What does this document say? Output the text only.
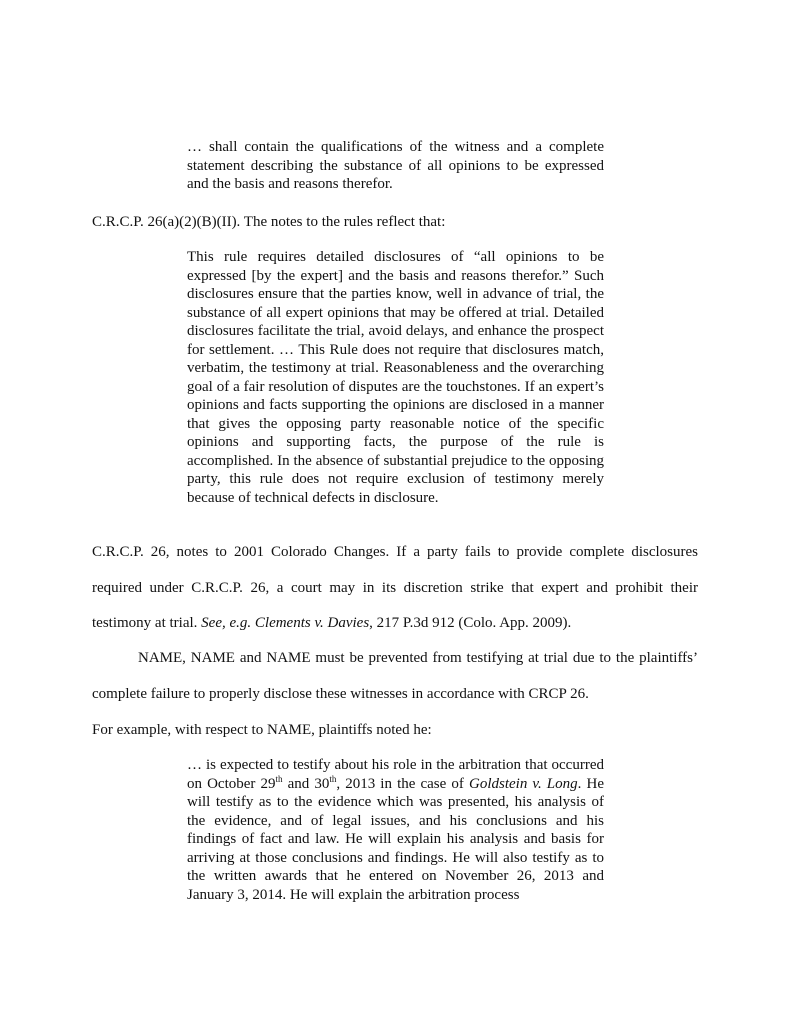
… shall contain the qualifications of the witness and a complete statement describing the substance of all opinions to be expressed and the basis and reasons therefor.
C.R.C.P. 26(a)(2)(B)(II). The notes to the rules reflect that:
This rule requires detailed disclosures of “all opinions to be expressed [by the expert] and the basis and reasons therefor.” Such disclosures ensure that the parties know, well in advance of trial, the substance of all expert opinions that may be offered at trial. Detailed disclosures facilitate the trial, avoid delays, and enhance the prospect for settlement. … This Rule does not require that disclosures match, verbatim, the testimony at trial. Reasonableness and the overarching goal of a fair resolution of disputes are the touchstones. If an expert’s opinions and facts supporting the opinions are disclosed in a manner that gives the opposing party reasonable notice of the specific opinions and supporting facts, the purpose of the rule is accomplished. In the absence of substantial prejudice to the opposing party, this rule does not require exclusion of testimony merely because of technical defects in disclosure.
C.R.C.P. 26, notes to 2001 Colorado Changes. If a party fails to provide complete disclosures required under C.R.C.P. 26, a court may in its discretion strike that expert and prohibit their testimony at trial. See, e.g. Clements v. Davies, 217 P.3d 912 (Colo. App. 2009).
NAME, NAME and NAME must be prevented from testifying at trial due to the plaintiffs’ complete failure to properly disclose these witnesses in accordance with CRCP 26.
For example, with respect to NAME, plaintiffs noted he:
… is expected to testify about his role in the arbitration that occurred on October 29th and 30th, 2013 in the case of Goldstein v. Long. He will testify as to the evidence which was presented, his analysis of the evidence, and of legal issues, and his conclusions and his findings of fact and law. He will explain his analysis and basis for arriving at those conclusions and findings. He will also testify as to the written awards that he entered on November 26, 2013 and January 3, 2014. He will explain the arbitration process
